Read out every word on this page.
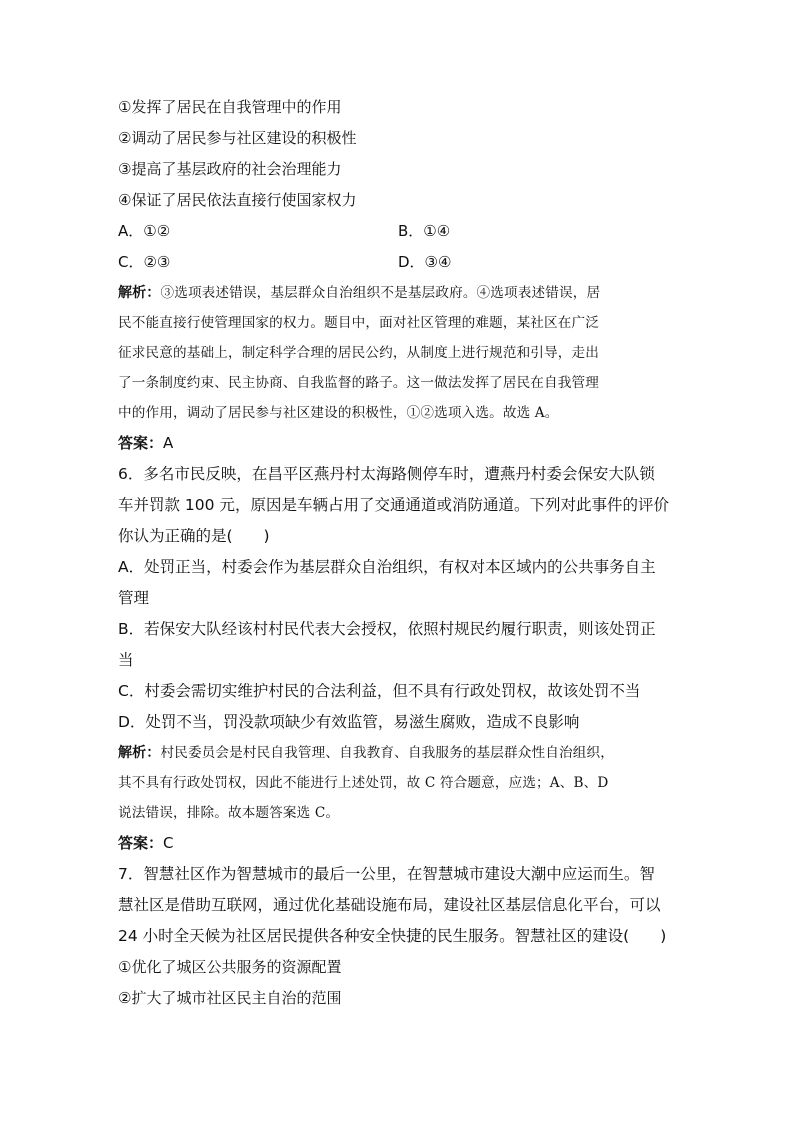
①发挥了居民在自我管理中的作用
②调动了居民参与社区建设的积极性
③提高了基层政府的社会治理能力
④保证了居民依法直接行使国家权力
A．①②	B．①④
C．②③	D．③④
解析：③选项表述错误，基层群众自治组织不是基层政府。④选项表述错误，居
民不能直接行使管理国家的权力。题目中，面对社区管理的难题，某社区在广泛
征求民意的基础上，制定科学合理的居民公约，从制度上进行规范和引导，走出
了一条制度约束、民主协商、自我监督的路子。这一做法发挥了居民在自我管理
中的作用，调动了居民参与社区建设的积极性，①②选项入选。故选 A。
答案：A
6．多名市民反映，在昌平区燕丹村太海路侧停车时，遭燕丹村委会保安大队锁
车并罚款 100 元，原因是车辆占用了交通通道或消防通道。下列对此事件的评价
你认为正确的是(　　)
A．处罚正当，村委会作为基层群众自治组织，有权对本区域内的公共事务自主
管理
B．若保安大队经该村村民代表大会授权，依照村规民约履行职责，则该处罚正
当
C．村委会需切实维护村民的合法利益，但不具有行政处罚权，故该处罚不当
D．处罚不当，罚没款项缺少有效监管，易滋生腐败，造成不良影响
解析：村民委员会是村民自我管理、自我教育、自我服务的基层群众性自治组织，
其不具有行政处罚权，因此不能进行上述处罚，故 C 符合题意，应选；A、B、D
说法错误，排除。故本题答案选 C。
答案：C
7．智慧社区作为智慧城市的最后一公里，在智慧城市建设大潮中应运而生。智
慧社区是借助互联网，通过优化基础设施布局，建设社区基层信息化平台，可以
24 小时全天候为社区居民提供各种安全快捷的民生服务。智慧社区的建设(　　)
①优化了城区公共服务的资源配置
②扩大了城市社区民主自治的范围
